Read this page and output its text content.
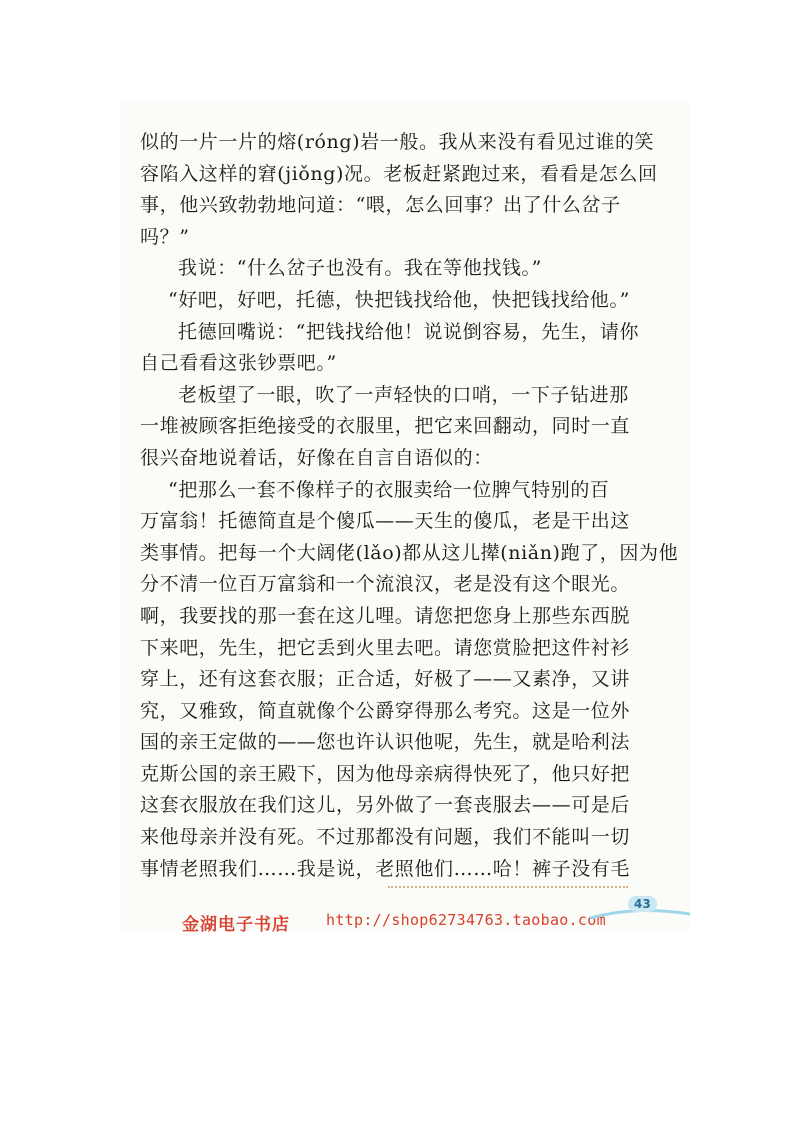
似的一片一片的熔(róng)岩一般。我从来没有看见过谁的笑
容陷入这样的窘(jiǒng)况。老板赶紧跑过来，看看是怎么回
事，他兴致勃勃地问道：“喂，怎么回事？出了什么岔子
吗？”
我说：“什么岔子也没有。我在等他找钱。”
“好吧，好吧，托德，快把钱找给他，快把钱找给他。”
托德回嘴说：“把钱找给他！说说倒容易，先生，请你
自己看看这张钞票吧。”
老板望了一眼，吹了一声轻快的口哨，一下子钻进那
一堆被顾客拒绝接受的衣服里，把它来回翻动，同时一直
很兴奋地说着话，好像在自言自语似的：
“把那么一套不像样子的衣服卖给一位脾气特别的百
万富翁！托德简直是个傻瓜——天生的傻瓜，老是干出这
类事情。把每一个大阔佬(lǎo)都从这儿撵(niǎn)跑了，因为他
分不清一位百万富翁和一个流浪汉，老是没有这个眼光。
啊，我要找的那一套在这儿哩。请您把您身上那些东西脱
下来吧，先生，把它丢到火里去吧。请您赏脸把这件衬衫
穿上，还有这套衣服；正合适，好极了——又素净，又讲
究，又雅致，简直就像个公爵穿得那么考究。这是一位外
国的亲王定做的——您也许认识他呢，先生，就是哈利法
克斯公国的亲王殿下，因为他母亲病得快死了，他只好把
这套衣服放在我们这儿，另外做了一套丧服去——可是后
来他母亲并没有死。不过那都没有问题，我们不能叫一切
事情老照我们……我是说，老照他们……哈！裤子没有毛
金湖电子书店 http://shop62734763.taobao.com
43
